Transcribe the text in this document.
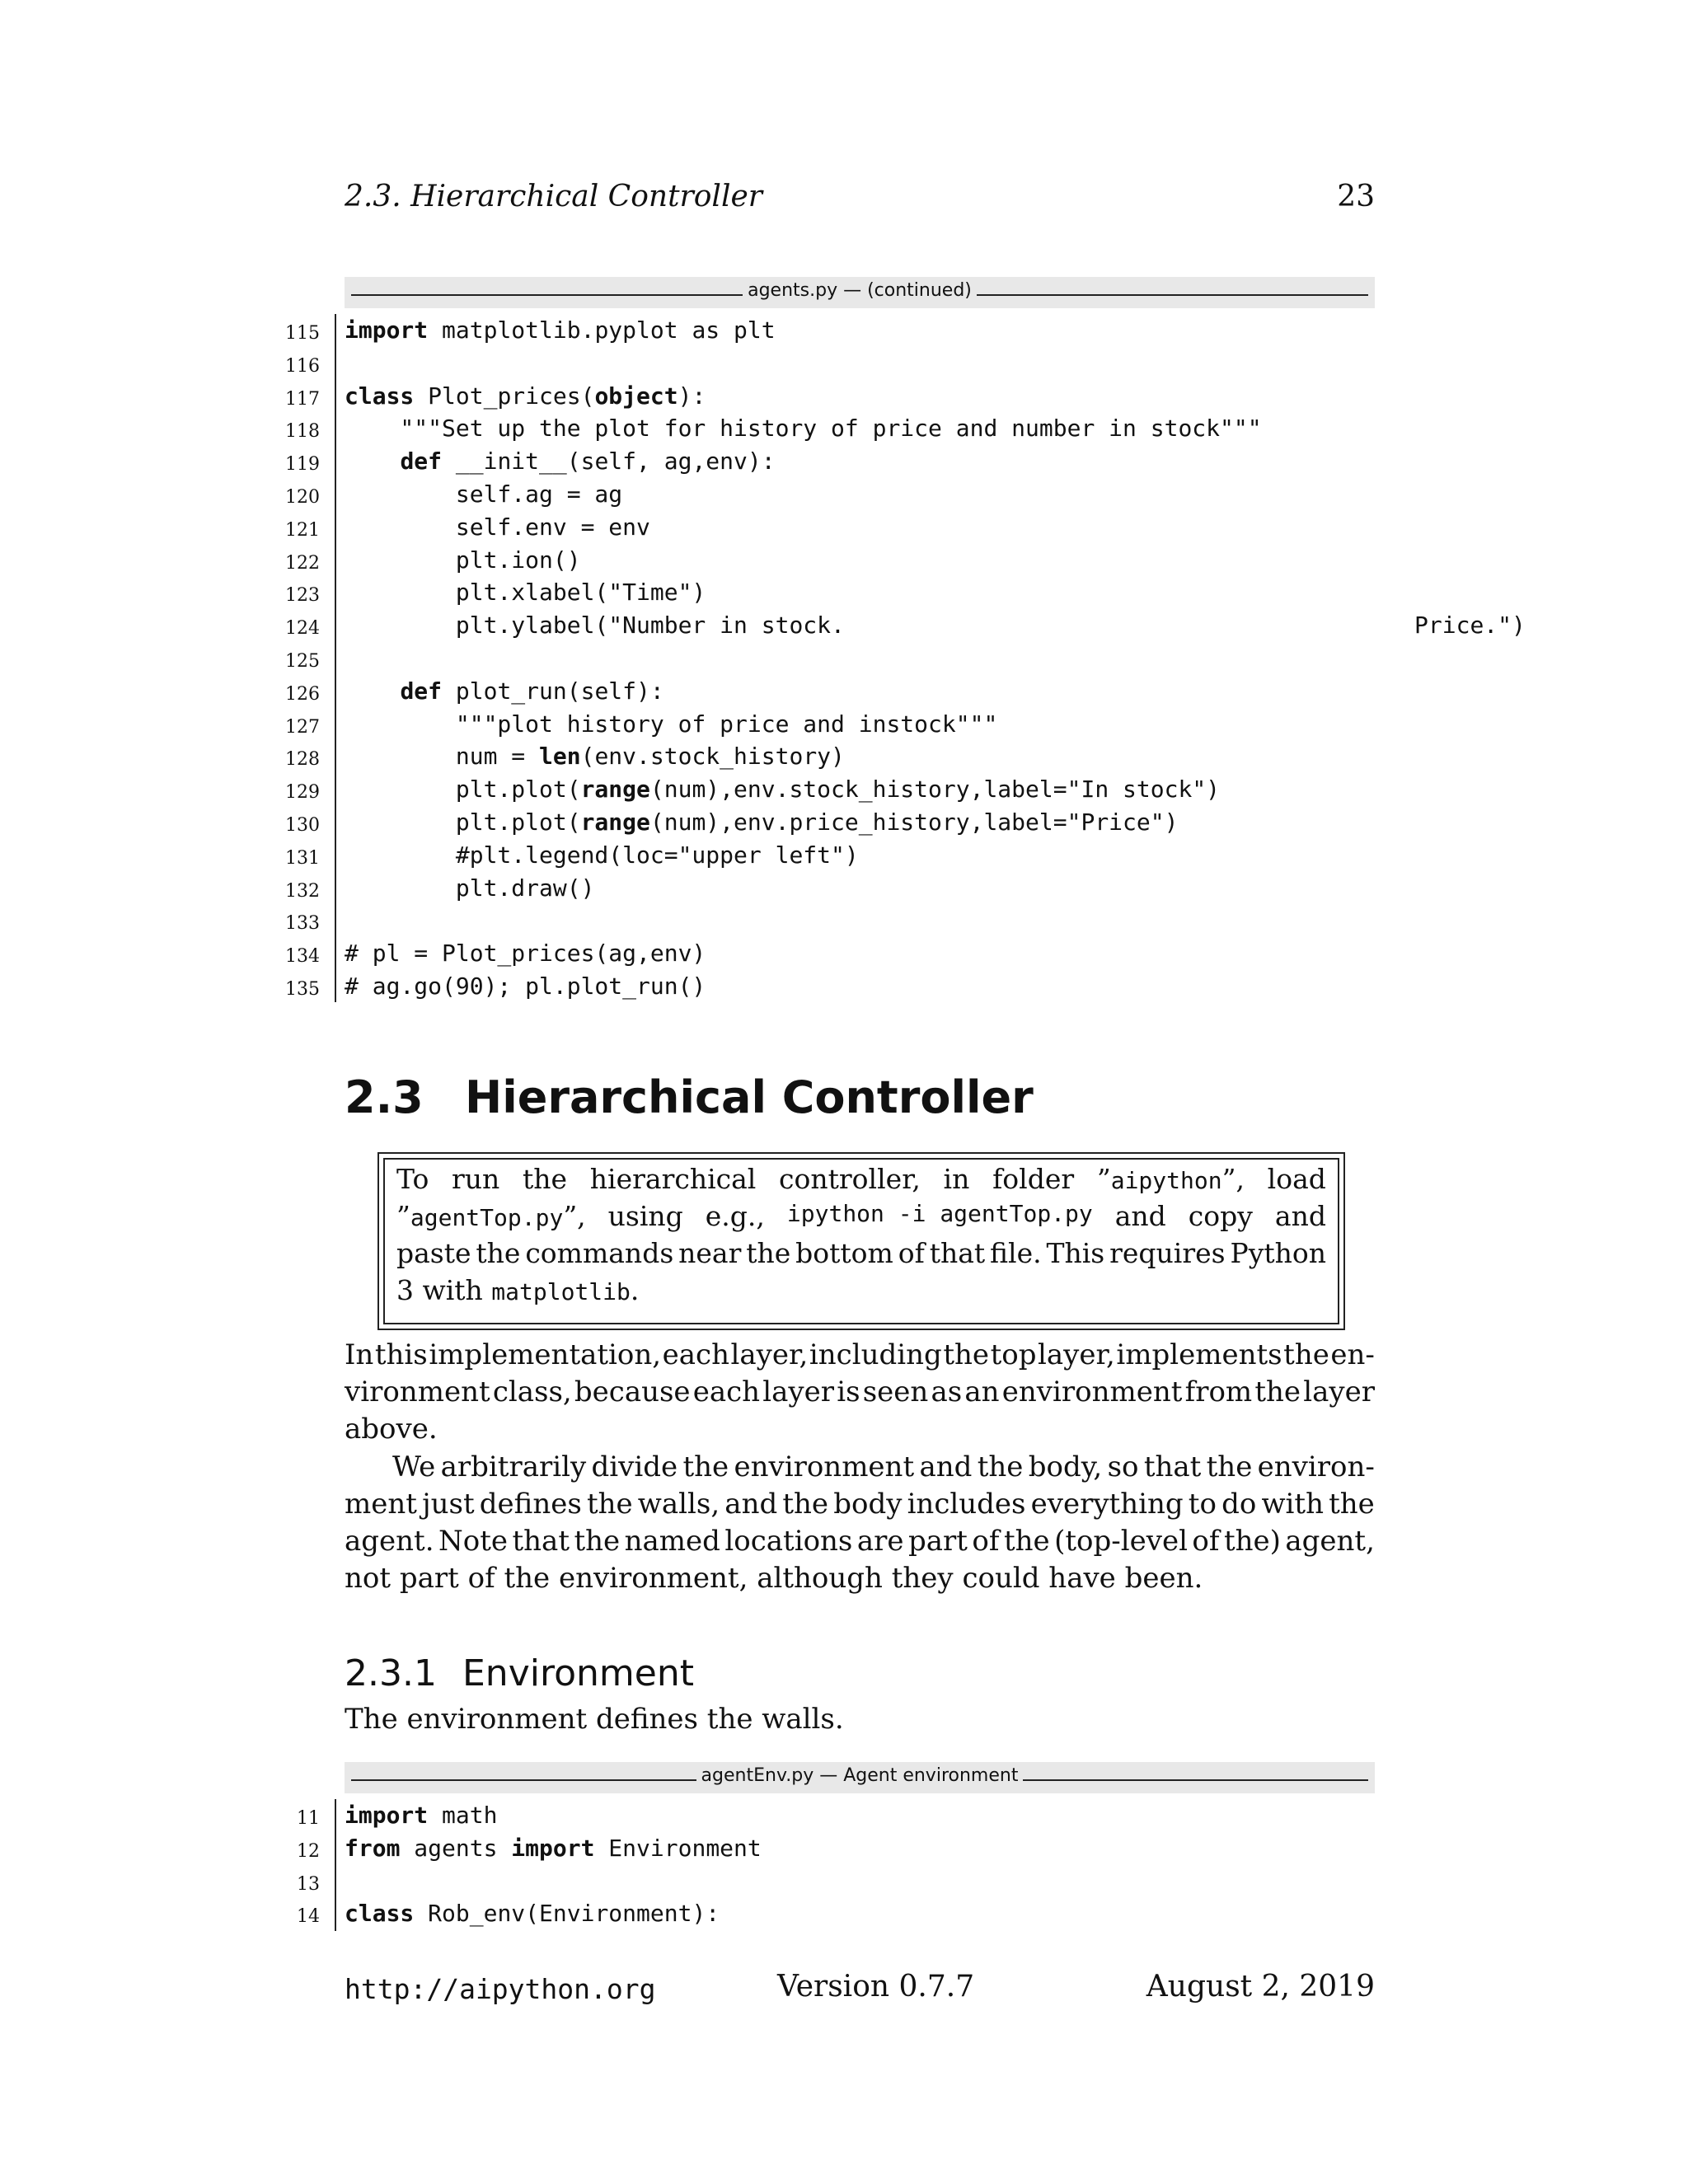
2.3. Hierarchical Controller	23
agents.py — (continued)
115 import matplotlib.pyplot as plt
116
117 class Plot_prices(object):
118 """Set up the plot for history of price and number in stock"""
119	def __init__(self, ag,env):
120 self.ag = ag
121 self.env = env
122 plt.ion()
123 plt.xlabel("Time")
124 plt.ylabel("Number in stock.                                         Price.")
125
126	def plot_run(self):
127 """plot history of price and instock"""
128 num = len(env.stock_history)
129 plt.plot(range(num),env.stock_history,label="In stock")
130 plt.plot(range(num),env.price_history,label="Price")
131 #plt.legend(loc="upper left")
132 plt.draw()
133
134 # pl = Plot_prices(ag,env)
135 # ag.go(90); pl.plot_run()
2.3 Hierarchical Controller
To run the hierarchical controller, in folder ”aipython”, load
”agentTop.py”, using e.g., ipython -i agentTop.py and copy and
paste the commands near the bottom of that file. This requires Python
3 with matplotlib.
In this implementation, each layer, including the top layer, implements the en-
vironment class, because each layer is seen as an environment from the layer
above.
We arbitrarily divide the environment and the body, so that the environ-
ment just defines the walls, and the body includes everything to do with the
agent. Note that the named locations are part of the (top-level of the) agent,
not part of the environment, although they could have been.
2.3.1 Environment
The environment defines the walls.
agentEnv.py — Agent environment
11 import math
12 from agents import Environment
13
14 class Rob_env(Environment):
http://aipython.org	Version 0.7.7	August 2, 2019
